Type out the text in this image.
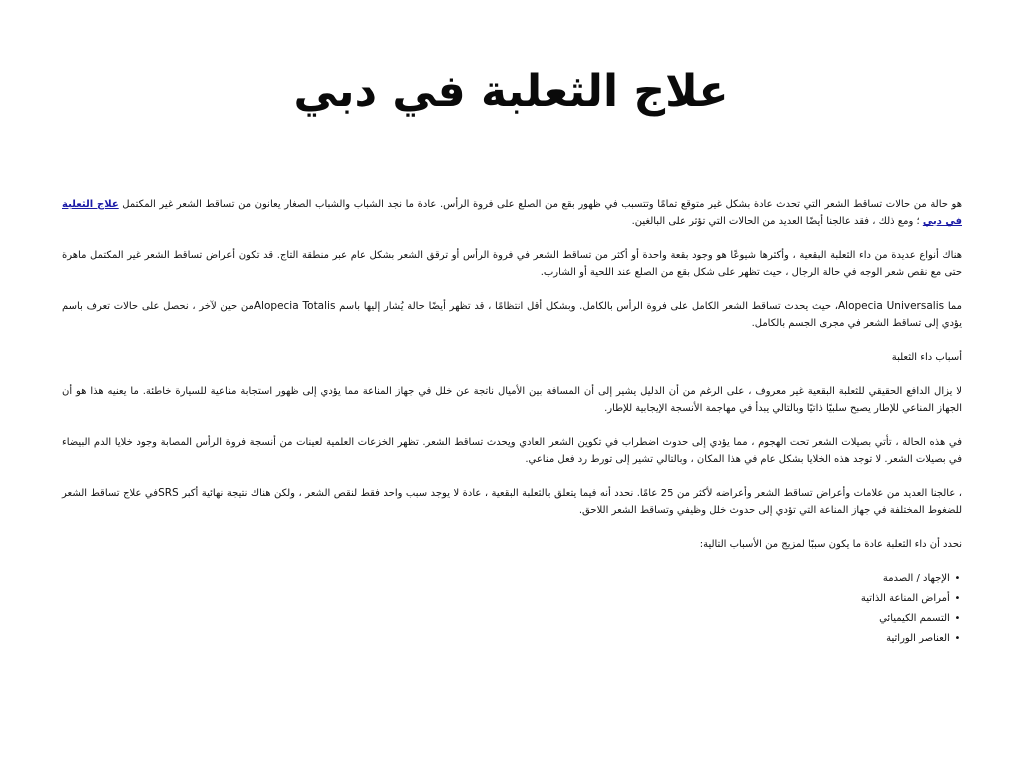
علاج الثعلبة في دبي

هو حالة من حالات تساقط الشعر التي تحدث عادة بشكل غير متوقع تمامًا وتتسبب في ظهور بقع من الصلع على فروة الرأس. عادة ما نجد الشباب والشباب الصغار يعانون من تساقط الشعر غير المكتمل علاج الثعلبة في دبي ؛ ومع ذلك ، فقد عالجنا أيضًا العديد من الحالات التي تؤثر على البالغين.

هناك أنواع عديدة من داء الثعلبة البقعية ، وأكثرها شيوعًا هو وجود بقعة واحدة أو أكثر من تساقط الشعر في فروة الرأس أو ترقق الشعر بشكل عام عبر منطقة التاج. قد تكون أعراض تساقط الشعر غير المكتمل ماهرة حتى مع نقص شعر الوجه في حالة الرجال ، حيث تظهر على شكل بقع من الصلع عند اللحية أو الشارب.

مما Alopecia Universalis، حيث يحدث تساقط الشعر الكامل على فروة الرأس بالكامل. وبشكل أقل انتظامًا ، قد تظهر أيضًا حالة يُشار إليها باسم Alopecia Totalisمن حين لآخر ، نحصل على حالات تعرف باسم يؤدي إلى تساقط الشعر في مجرى الجسم بالكامل.

أسباب داء الثعلبة

لا يزال الدافع الحقيقي للثعلبة البقعية غير معروف ، على الرغم من أن الدليل يشير إلى أن المسافة بين الأميال ناتجة عن خلل في جهاز المناعة مما يؤدي إلى ظهور استجابة مناعية للسيارة خاطئة. ما يعنيه هذا هو أن الجهاز المناعي للإطار يصبح سلبيًا ذاتيًا وبالتالي يبدأ في مهاجمة الأنسجة الإيجابية للإطار.

في هذه الحالة ، تأتي بصيلات الشعر تحت الهجوم ، مما يؤدي إلى حدوث اضطراب في تكوين الشعر العادي ويحدث تساقط الشعر. تظهر الخزعات العلمية لعينات من أنسجة فروة الرأس المصابة وجود خلايا الدم البيضاء في بصيلات الشعر. لا توجد هذه الخلايا بشكل عام في هذا المكان ، وبالتالي تشير إلى تورط رد فعل مناعي.

، عالجنا العديد من علامات وأعراض تساقط الشعر وأعراضه لأكثر من 25 عامًا. نحدد أنه فيما يتعلق بالثعلبة البقعية ، عادة لا يوجد سبب واحد فقط لنقص الشعر ، ولكن هناك نتيجة نهائية أكبر SRSفي علاج تساقط الشعر للضغوط المختلفة في جهاز المناعة التي تؤدي إلى حدوث خلل وظيفي وتساقط الشعر اللاحق.

نحدد أن داء الثعلبة عادة ما يكون سببًا لمزيج من الأسباب التالية:

• الإجهاد / الصدمة
• أمراض المناعة الذاتية
• التسمم الكيميائي
• العناصر الوراثية
